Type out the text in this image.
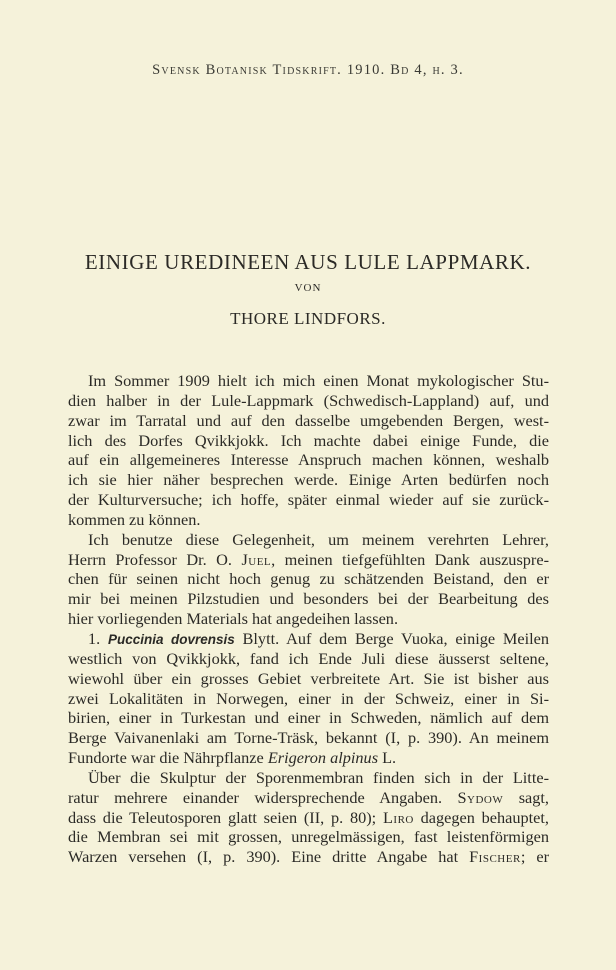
Svensk Botanisk Tidskrift. 1910. Bd 4, h. 3.
EINIGE UREDINEEN AUS LULE LAPPMARK.
VON
THORE LINDFORS.
Im Sommer 1909 hielt ich mich einen Monat mykologischer Stu-
dien halber in der Lule-Lappmark (Schwedisch-Lappland) auf, und
zwar im Tarratal und auf den dasselbe umgebenden Bergen, west-
lich des Dorfes Qvikkjokk. Ich machte dabei einige Funde, die
auf ein allgemeineres Interesse Anspruch machen können, weshalb
ich sie hier näher besprechen werde. Einige Arten bedürfen noch
der Kulturversuche; ich hoffe, später einmal wieder auf sie zurück-
kommen zu können.
Ich benutze diese Gelegenheit, um meinem verehrten Lehrer,
Herrn Professor Dr. O. Juel, meinen tiefgefühlten Dank auszuspre-
chen für seinen nicht hoch genug zu schätzenden Beistand, den er
mir bei meinen Pilzstudien und besonders bei der Bearbeitung des
hier vorliegenden Materials hat angedeihen lassen.
1. Puccinia dovrensis Blytt. Auf dem Berge Vuoka, einige Meilen
westlich von Qvikkjokk, fand ich Ende Juli diese äusserst seltene,
wiewohl über ein grosses Gebiet verbreitete Art. Sie ist bisher aus
zwei Lokalitäten in Norwegen, einer in der Schweiz, einer in Si-
birien, einer in Turkestan und einer in Schweden, nämlich auf dem
Berge Vaivanenlaki am Torne-Träsk, bekannt (I, p. 390). An meinem
Fundorte war die Nährpflanze Erigeron alpinus L.
Über die Skulptur der Sporenmembran finden sich in der Litte-
ratur mehrere einander widersprechende Angaben. Sydow sagt,
dass die Teleutosporen glatt seien (II, p. 80); Liro dagegen behauptet,
die Membran sei mit grossen, unregelmässigen, fast leistenförmigen
Warzen versehen (I, p. 390). Eine dritte Angabe hat Fischer; er
